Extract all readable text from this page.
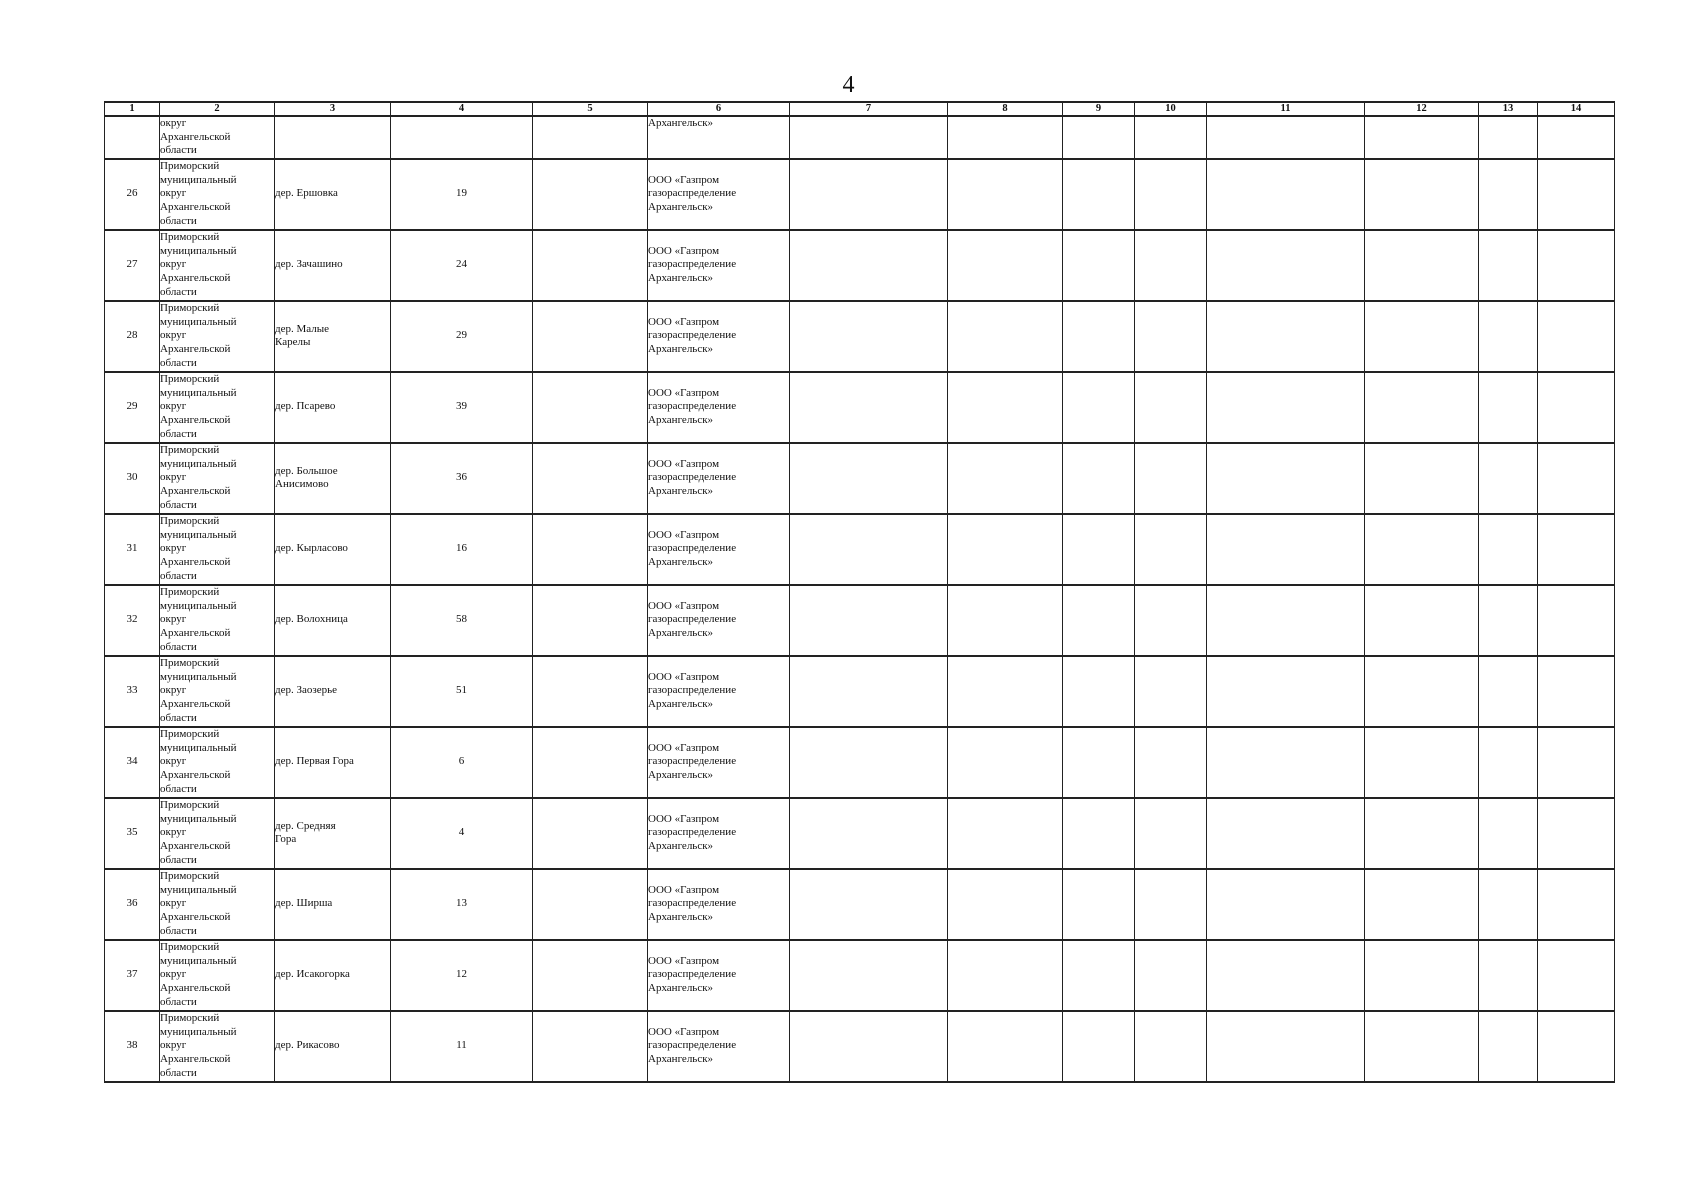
4
1	2	3	4	5	6	7	8	9	10	11	12	13	14
	округ
Архангельской
области				Архангельск»								
26	Приморский
муниципальный
округ
Архангельской
области	дер. Ершовка	19		ООО «Газпром
газораспределение
Архангельск»								
27	Приморский
муниципальный
округ
Архангельской
области	дер. Зачашино	24		ООО «Газпром
газораспределение
Архангельск»								
28	Приморский
муниципальный
округ
Архангельской
области	дер. Малые
Карелы	29		ООО «Газпром
газораспределение
Архангельск»								
29	Приморский
муниципальный
округ
Архангельской
области	дер. Псарево	39		ООО «Газпром
газораспределение
Архангельск»								
30	Приморский
муниципальный
округ
Архангельской
области	дер. Большое
Анисимово	36		ООО «Газпром
газораспределение
Архангельск»								
31	Приморский
муниципальный
округ
Архангельской
области	дер. Кырласово	16		ООО «Газпром
газораспределение
Архангельск»								
32	Приморский
муниципальный
округ
Архангельской
области	дер. Волохница	58		ООО «Газпром
газораспределение
Архангельск»								
33	Приморский
муниципальный
округ
Архангельской
области	дер. Заозерье	51		ООО «Газпром
газораспределение
Архангельск»								
34	Приморский
муниципальный
округ
Архангельской
области	дер. Первая Гора	6		ООО «Газпром
газораспределение
Архангельск»								
35	Приморский
муниципальный
округ
Архангельской
области	дер. Средняя
Гора	4		ООО «Газпром
газораспределение
Архангельск»								
36	Приморский
муниципальный
округ
Архангельской
области	дер. Ширша	13		ООО «Газпром
газораспределение
Архангельск»								
37	Приморский
муниципальный
округ
Архангельской
области	дер. Исакогорка	12		ООО «Газпром
газораспределение
Архангельск»								
38	Приморский
муниципальный
округ
Архангельской
области	дер. Рикасово	11		ООО «Газпром
газораспределение
Архангельск»								
